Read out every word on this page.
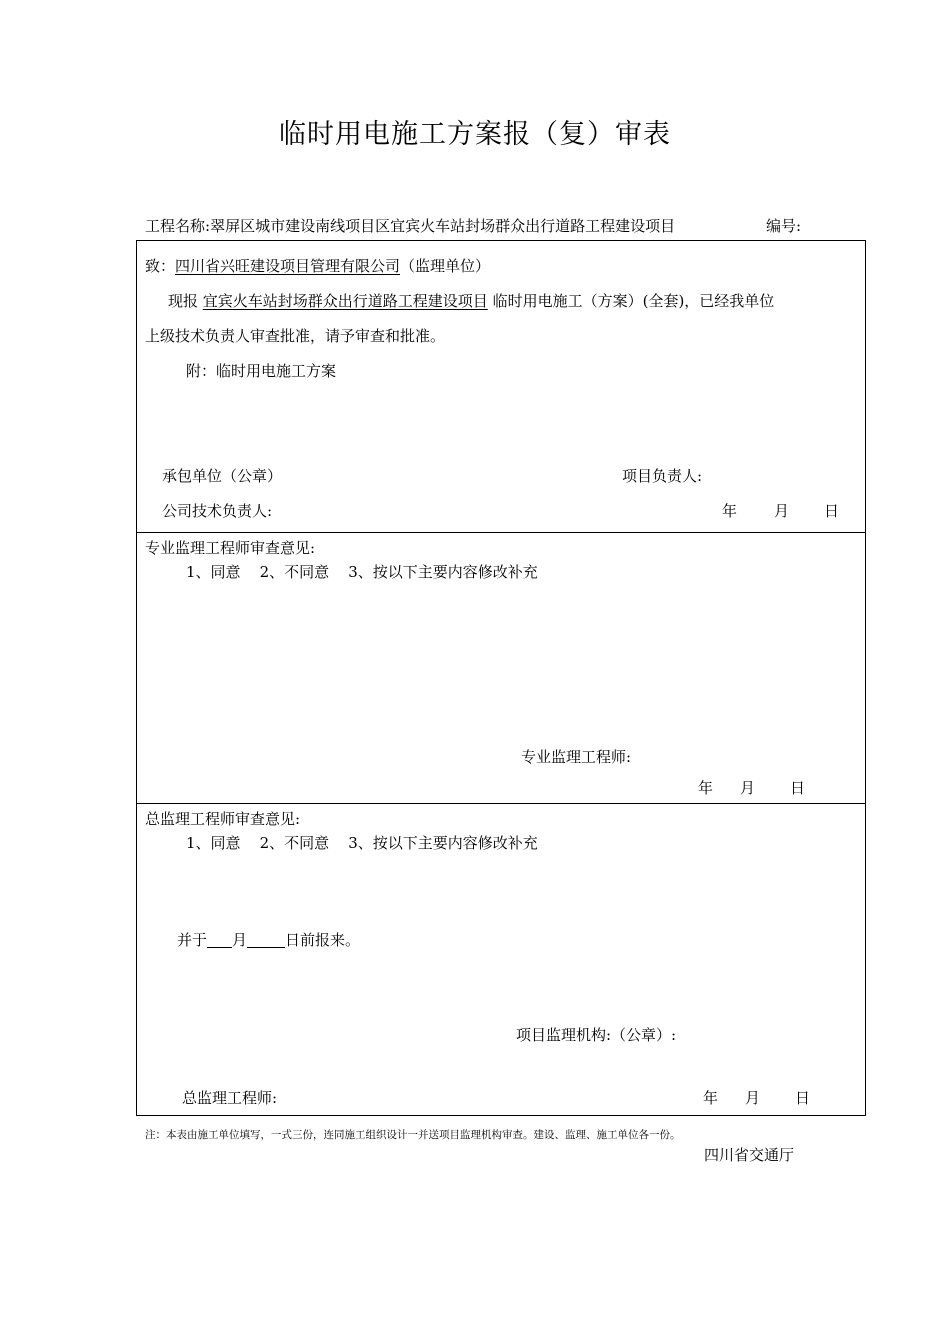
临时用电施工方案报（复）审表
工程名称:翠屏区城市建设南线项目区宜宾火车站封场群众出行道路工程建设项目	编号:
致：四川省兴旺建设项目管理有限公司（监理单位）
现报 宜宾火车站封场群众出行道路工程建设项目 临时用电施工（方案）(全套)，已经我单位
上级技术负责人审查批准，请予审查和批准。
附：临时用电施工方案
承包单位（公章）	项目负责人:
公司技术负责人:	年 月 日
专业监理工程师审查意见:
1、同意    2、不同意    3、按以下主要内容修改补充
专业监理工程师:
年 月 日
总监理工程师审查意见:
1、同意    2、不同意    3、按以下主要内容修改补充
并于 月	日前报来。
项目监理机构:（公章）:
总监理工程师:	年 月 日
注：本表由施工单位填写，一式三份，连同施工组织设计一并送项目监理机构审查。建设、监理、施工单位各一份。
四川省交通厅
